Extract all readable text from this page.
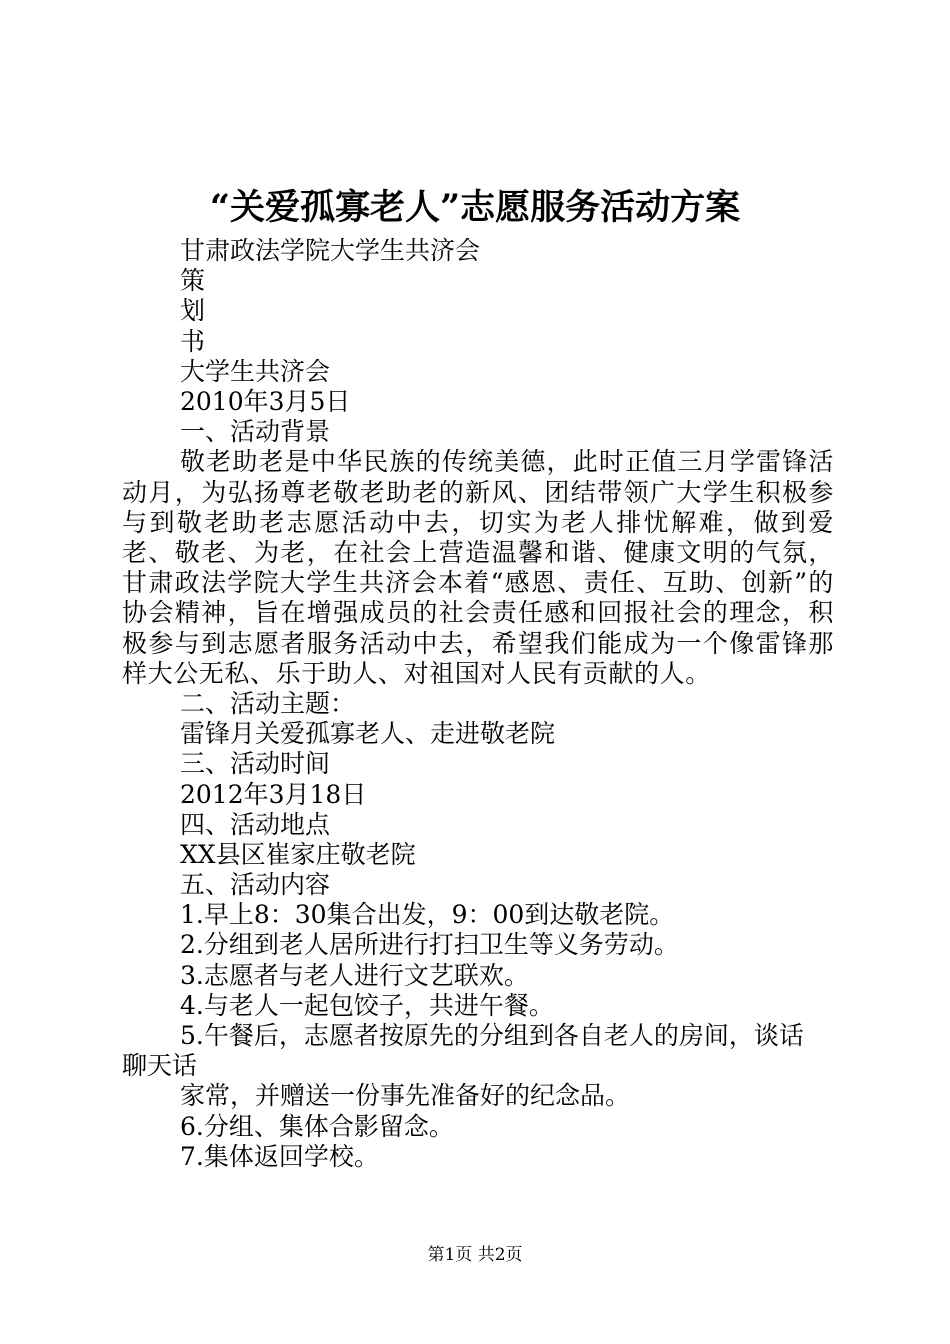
“关爱孤寡老人”志愿服务活动方案
甘肃政法学院大学生共济会
策
划
书
大学生共济会
2010年3月5日
一、活动背景
敬老助老是中华民族的传统美德，此时正值三月学雷锋活动月，为弘扬尊老敬老助老的新风、团结带领广大学生积极参与到敬老助老志愿活动中去，切实为老人排忧解难，做到爱老、敬老、为老，在社会上营造温馨和谐、健康文明的气氛，甘肃政法学院大学生共济会本着“感恩、责任、互助、创新”的协会精神，旨在增强成员的社会责任感和回报社会的理念，积极参与到志愿者服务活动中去，希望我们能成为一个像雷锋那样大公无私、乐于助人、对祖国对人民有贡献的人。
二、活动主题：
雷锋月关爱孤寡老人、走进敬老院
三、活动时间
2012年3月18日
四、活动地点
XX县区崔家庄敬老院
五、活动内容
1.早上8：30集合出发，9：00到达敬老院。
2.分组到老人居所进行打扫卫生等义务劳动。
3.志愿者与老人进行文艺联欢。
4.与老人一起包饺子，共进午餐。
5.午餐后，志愿者按原先的分组到各自老人的房间，谈话
聊天话
家常，并赠送一份事先准备好的纪念品。
6.分组、集体合影留念。
7.集体返回学校。
第1页 共2页
